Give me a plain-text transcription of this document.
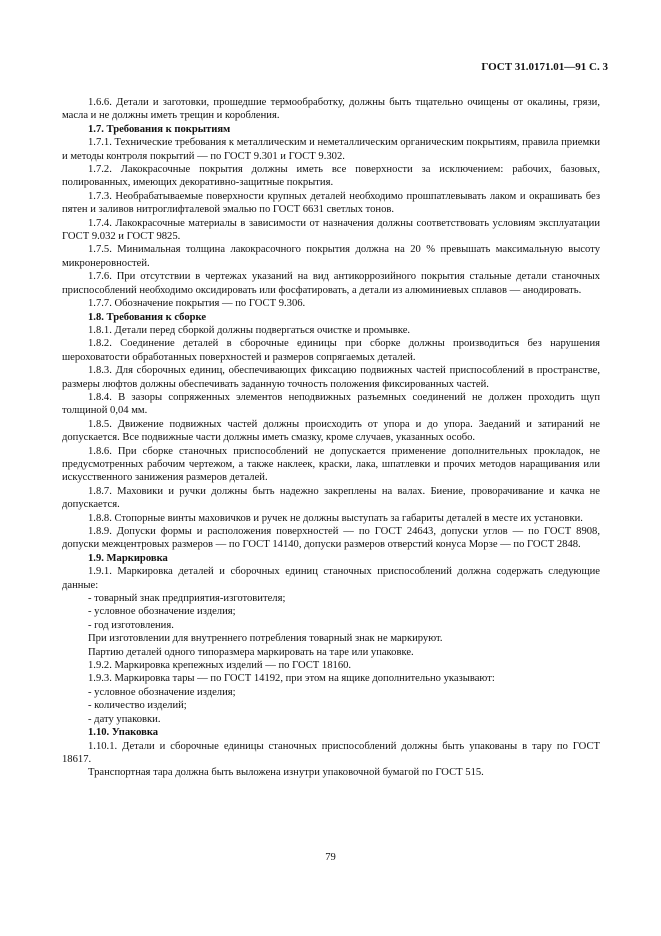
ГОСТ 31.0171.01—91 С. 3

1.6.6. Детали и заготовки, прошедшие термообработку, должны быть тщательно очищены от окалины, грязи, масла и не должны иметь трещин и коробления.

1.7. Требования к покрытиям

1.7.1. Технические требования к металлическим и неметаллическим органическим покрытиям, правила приемки и методы контроля покрытий — по ГОСТ 9.301 и ГОСТ 9.302.

1.7.2. Лакокрасочные покрытия должны иметь все поверхности за исключением: рабочих, базовых, полированных, имеющих декоративно-защитные покрытия.

1.7.3. Необрабатываемые поверхности крупных деталей необходимо прошпатлевывать лаком и окрашивать без пятен и заливов нитроглифталевой эмалью по ГОСТ 6631 светлых тонов.

1.7.4. Лакокрасочные материалы в зависимости от назначения должны соответствовать условиям эксплуатации ГОСТ 9.032 и ГОСТ 9825.

1.7.5. Минимальная толщина лакокрасочного покрытия должна на 20 % превышать максимальную высоту микронеровностей.

1.7.6. При отсутствии в чертежах указаний на вид антикоррозийного покрытия стальные детали станочных приспособлений необходимо оксидировать или фосфатировать, а детали из алюминиевых сплавов — анодировать.

1.7.7. Обозначение покрытия — по ГОСТ 9.306.

1.8. Требования к сборке

1.8.1. Детали перед сборкой должны подвергаться очистке и промывке.

1.8.2. Соединение деталей в сборочные единицы при сборке должны производиться без нарушения шероховатости обработанных поверхностей и размеров сопрягаемых деталей.

1.8.3. Для сборочных единиц, обеспечивающих фиксацию подвижных частей приспособлений в пространстве, размеры люфтов должны обеспечивать заданную точность положения фиксированных частей.

1.8.4. В зазоры сопряженных элементов неподвижных разъемных соединений не должен проходить щуп толщиной 0,04 мм.

1.8.5. Движение подвижных частей должны происходить от упора и до упора. Заеданий и затираний не допускается. Все подвижные части должны иметь смазку, кроме случаев, указанных особо.

1.8.6. При сборке станочных приспособлений не допускается применение дополнительных прокладок, не предусмотренных рабочим чертежом, а также наклеек, краски, лака, шпатлевки и прочих методов наращивания или искусственного занижения размеров деталей.

1.8.7. Маховики и ручки должны быть надежно закреплены на валах. Биение, проворачивание и качка не допускается.

1.8.8. Стопорные винты маховичков и ручек не должны выступать за габариты деталей в месте их установки.

1.8.9. Допуски формы и расположения поверхностей — по ГОСТ 24643, допуски углов — по ГОСТ 8908, допуски межцентровых размеров — по ГОСТ 14140, допуски размеров отверстий конуса Морзе — по ГОСТ 2848.

1.9. Маркировка

1.9.1. Маркировка деталей и сборочных единиц станочных приспособлений должна содержать следующие данные:

- товарный знак предприятия-изготовителя;

- условное обозначение изделия;

- год изготовления.

При изготовлении для внутреннего потребления товарный знак не маркируют.

Партию деталей одного типоразмера маркировать на таре или упаковке.

1.9.2. Маркировка крепежных изделий — по ГОСТ 18160.

1.9.3. Маркировка тары — по ГОСТ 14192, при этом на ящике дополнительно указывают:

- условное обозначение изделия;

- количество изделий;

- дату упаковки.

1.10. Упаковка

1.10.1. Детали и сборочные единицы станочных приспособлений должны быть упакованы в тару по ГОСТ 18617.

Транспортная тара должна быть выложена изнутри упаковочной бумагой по ГОСТ 515.

79
